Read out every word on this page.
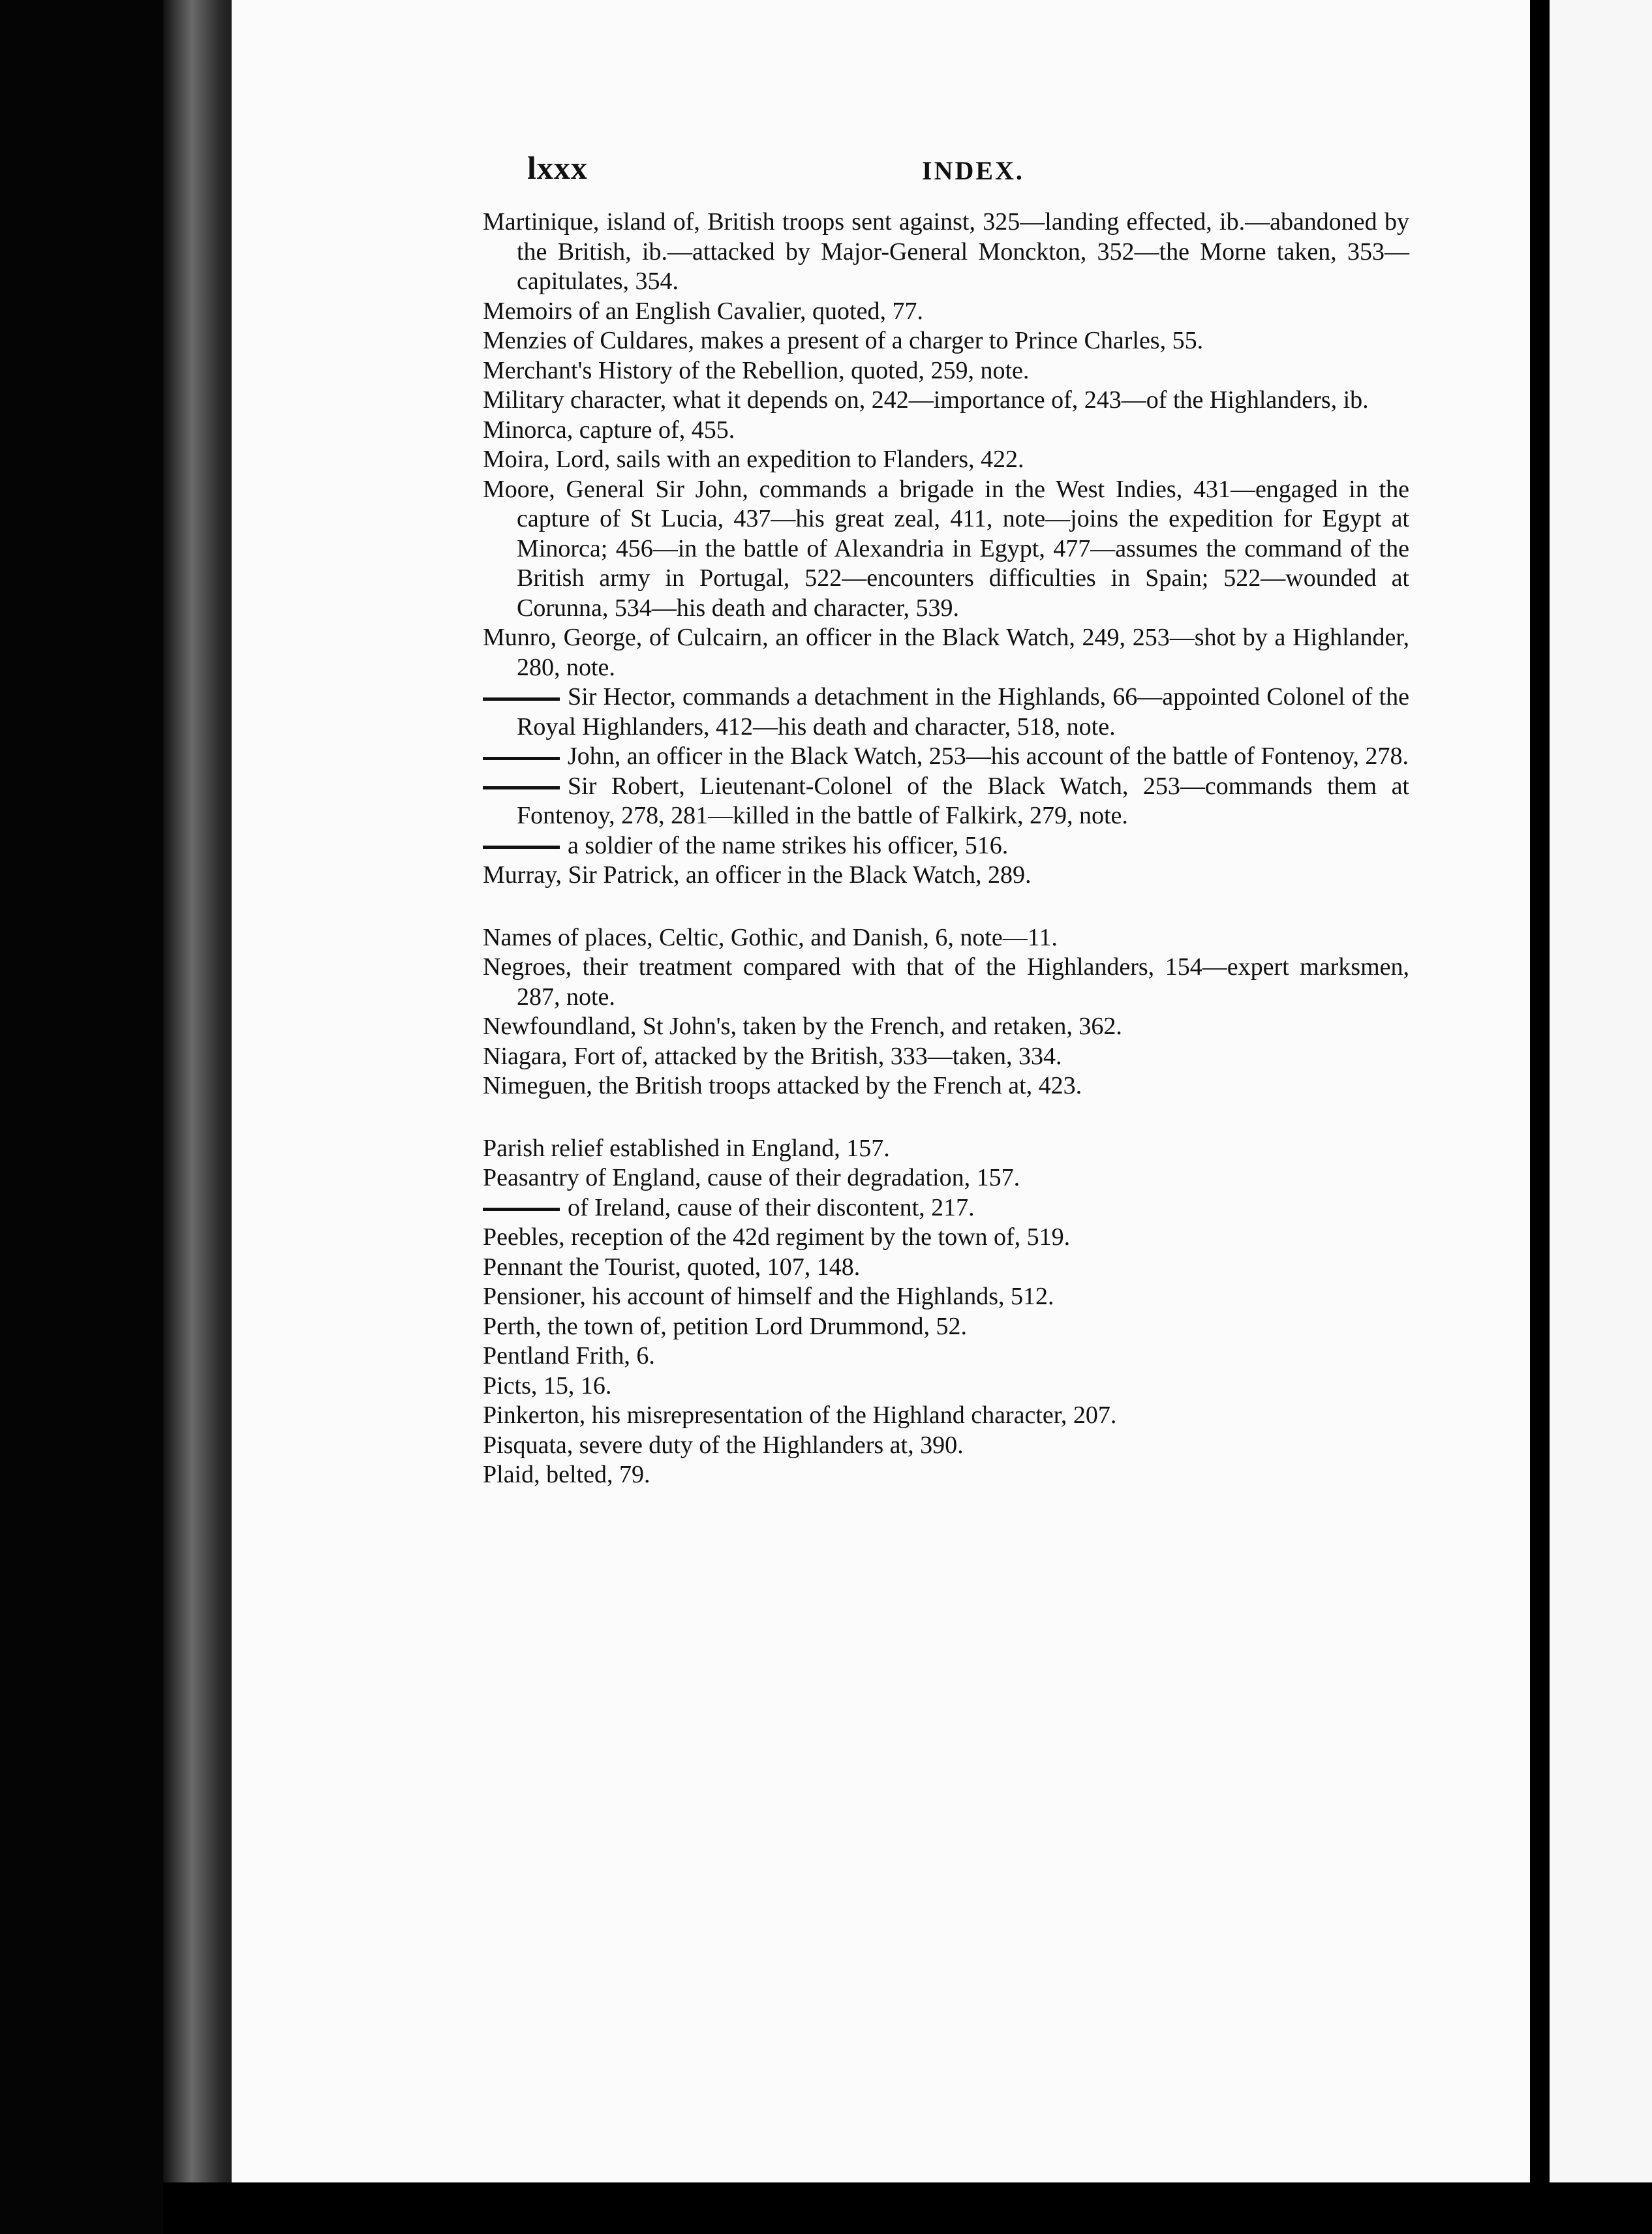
lxxx	INDEX.
Martinique, island of, British troops sent against, 325—landing effected, ib.—abandoned by the British, ib.—attacked by Major-General Monckton, 352—the Morne taken, 353—capitulates, 354.
Memoirs of an English Cavalier, quoted, 77.
Menzies of Culdares, makes a present of a charger to Prince Charles, 55.
Merchant's History of the Rebellion, quoted, 259, note.
Military character, what it depends on, 242—importance of, 243—of the Highlanders, ib.
Minorca, capture of, 455.
Moira, Lord, sails with an expedition to Flanders, 422.
Moore, General Sir John, commands a brigade in the West Indies, 431—engaged in the capture of St Lucia, 437—his great zeal, 411, note—joins the expedition for Egypt at Minorca; 456—in the battle of Alexandria in Egypt, 477—assumes the command of the British army in Portugal, 522—encounters difficulties in Spain; 522—wounded at Corunna, 534—his death and character, 539.
Munro, George, of Culcairn, an officer in the Black Watch, 249, 253—shot by a Highlander, 280, note.
Sir Hector, commands a detachment in the Highlands, 66—appointed Colonel of the Royal Highlanders, 412—his death and character, 518, note.
John, an officer in the Black Watch, 253—his account of the battle of Fontenoy, 278.
Sir Robert, Lieutenant-Colonel of the Black Watch, 253—commands them at Fontenoy, 278, 281—killed in the battle of Falkirk, 279, note.
a soldier of the name strikes his officer, 516.
Murray, Sir Patrick, an officer in the Black Watch, 289.
Names of places, Celtic, Gothic, and Danish, 6, note—11.
Negroes, their treatment compared with that of the Highlanders, 154—expert marksmen, 287, note.
Newfoundland, St John's, taken by the French, and retaken, 362.
Niagara, Fort of, attacked by the British, 333—taken, 334.
Nimeguen, the British troops attacked by the French at, 423.
Parish relief established in England, 157.
Peasantry of England, cause of their degradation, 157.
of Ireland, cause of their discontent, 217.
Peebles, reception of the 42d regiment by the town of, 519.
Pennant the Tourist, quoted, 107, 148.
Pensioner, his account of himself and the Highlands, 512.
Perth, the town of, petition Lord Drummond, 52.
Pentland Frith, 6.
Picts, 15, 16.
Pinkerton, his misrepresentation of the Highland character, 207.
Pisquata, severe duty of the Highlanders at, 390.
Plaid, belted, 79.
